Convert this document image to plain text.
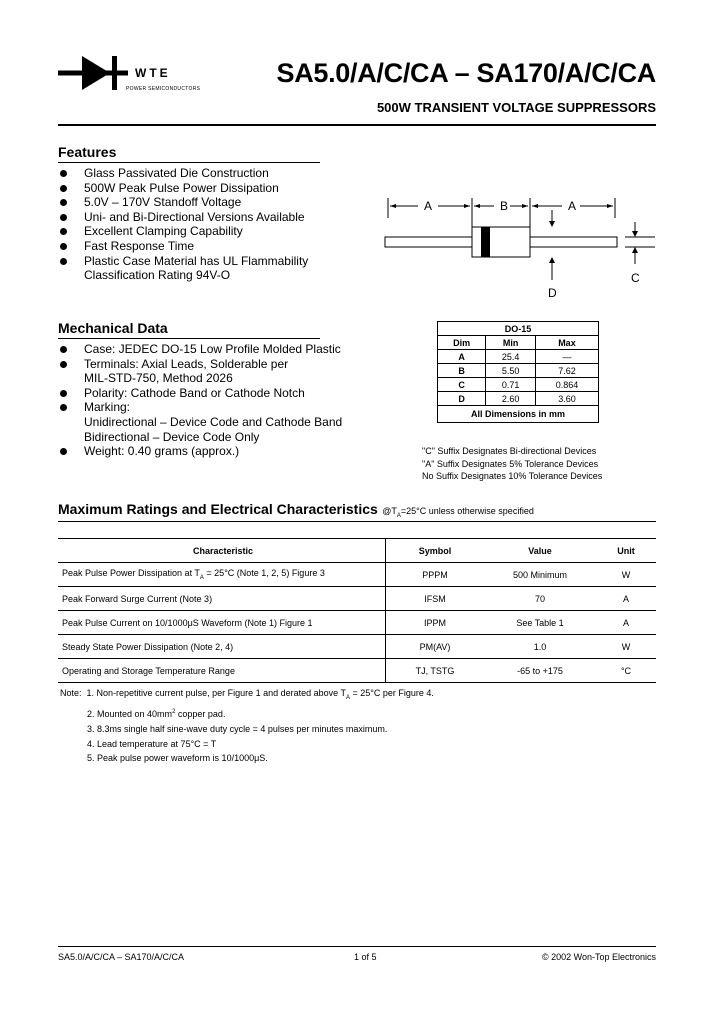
WTE
POWER SEMICONDUCTORS
SA5.0/A/C/CA – SA170/A/C/CA
500W TRANSIENT VOLTAGE SUPPRESSORS
Features
Glass Passivated Die Construction
500W Peak Pulse Power Dissipation
5.0V – 170V Standoff Voltage
Uni- and Bi-Directional Versions Available
Excellent Clamping Capability
Fast Response Time
Plastic Case Material has UL Flammability
Classification Rating 94V-O
A	B	A
C
D
Mechanical Data
Case: JEDEC DO-15 Low Profile Molded Plastic
Terminals: Axial Leads, Solderable per
MIL-STD-750, Method 2026
Polarity: Cathode Band or Cathode Notch
Marking:
Unidirectional – Device Code and Cathode Band
Bidirectional – Device Code Only
Weight: 0.40 grams (approx.)
DO-15		
Dim	Min	Max
A	25.4	—
B	5.50	7.62
C	0.71	0.864
D	2.60	3.60
All Dimensions in mm		
"C" Suffix Designates Bi-directional Devices
"A" Suffix Designates 5% Tolerance Devices
No Suffix Designates 10% Tolerance Devices
Maximum Ratings and Electrical Characteristics $@T_A=25^\circ C$ unless otherwise specified
Characteristic	Symbol	Value	Unit
Peak Pulse Power Dissipation at $T_A = 25^\circ C$ (Note 1, 2, 5) Figure 3	PPPM	500 Minimum	W
Peak Forward Surge Current (Note 3)	IFSM	70	A
Peak Pulse Current on 10/1000μS Waveform (Note 1) Figure 1	IPPM	See Table 1	A
Steady State Power Dissipation (Note 2, 4)	PM(AV)	1.0	W
Operating and Storage Temperature Range	TJ, TSTG	-65 to +175	°C
Note: 1. Non-repetitive current pulse, per Figure 1 and derated above $T_A = 25^\circ C$ per Figure 4.
2. Mounted on $40mm^2$ copper pad.
3. 8.3ms single half sine-wave duty cycle = 4 pulses per minutes maximum.
4. Lead temperature at 75°C = T
5. Peak pulse power waveform is 10/1000μS.
SA5.0/A/C/CA – SA170/A/C/CA	1 of 5	© 2002 Won-Top Electronics
